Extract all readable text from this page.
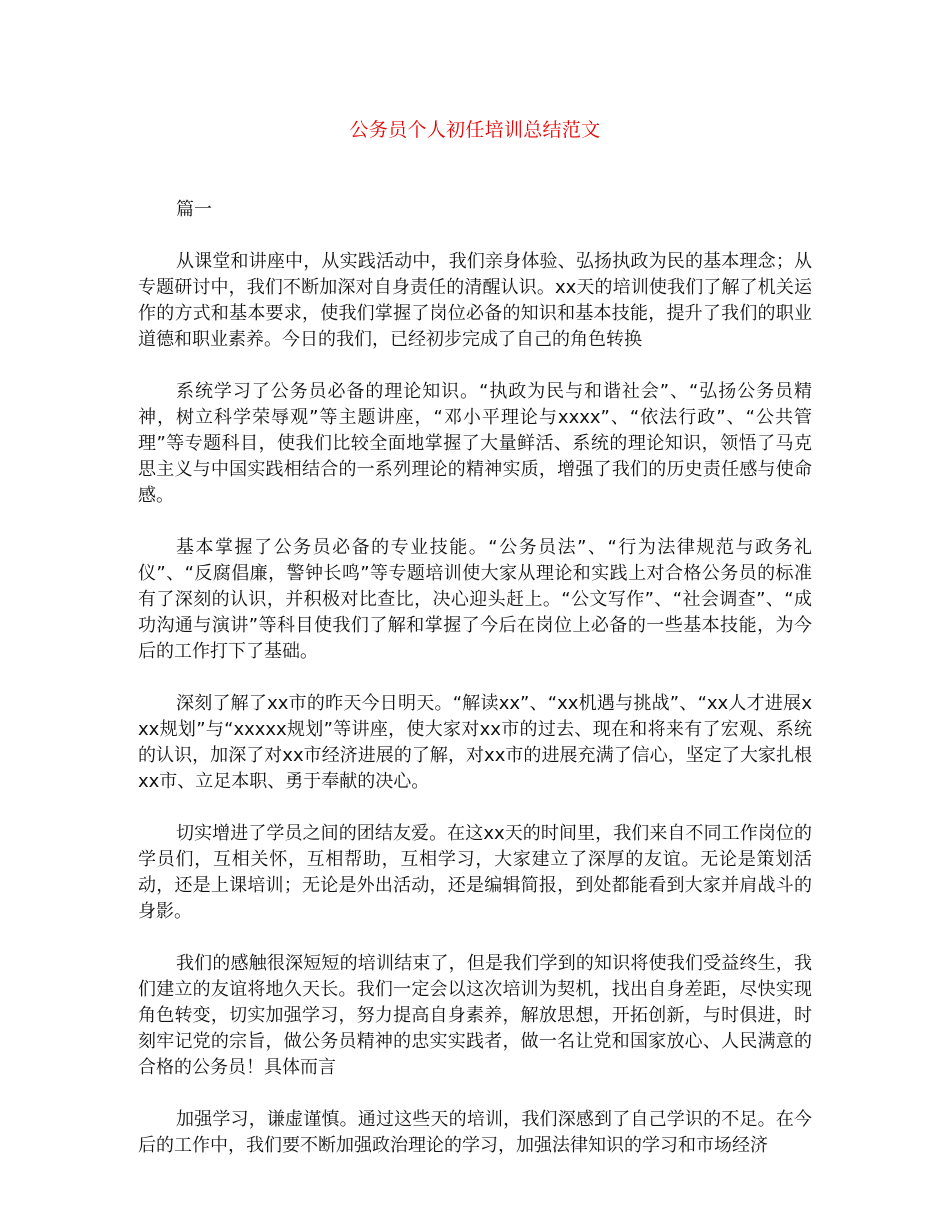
公务员个人初任培训总结范文

篇一

从课堂和讲座中，从实践活动中，我们亲身体验、弘扬执政为民的基本理念；从专题研讨中，我们不断加深对自身责任的清醒认识。xx天的培训使我们了解了机关运作的方式和基本要求，使我们掌握了岗位必备的知识和基本技能，提升了我们的职业道德和职业素养。今日的我们，已经初步完成了自己的角色转换

系统学习了公务员必备的理论知识。“执政为民与和谐社会”、“弘扬公务员精神，树立科学荣辱观”等主题讲座，“邓小平理论与xxxx”、“依法行政”、“公共管理”等专题科目，使我们比较全面地掌握了大量鲜活、系统的理论知识，领悟了马克思主义与中国实践相结合的一系列理论的精神实质，增强了我们的历史责任感与使命感。

基本掌握了公务员必备的专业技能。“公务员法”、“行为法律规范与政务礼仪”、“反腐倡廉，警钟长鸣”等专题培训使大家从理论和实践上对合格公务员的标准有了深刻的认识，并积极对比查比，决心迎头赶上。“公文写作”、“社会调查”、“成功沟通与演讲”等科目使我们了解和掌握了今后在岗位上必备的一些基本技能，为今后的工作打下了基础。

深刻了解了xx市的昨天今日明天。“解读xx”、“xx机遇与挑战”、“xx人才进展xxx规划”与“xxxxx规划”等讲座，使大家对xx市的过去、现在和将来有了宏观、系统的认识，加深了对xx市经济进展的了解，对xx市的进展充满了信心，坚定了大家扎根xx市、立足本职、勇于奉献的决心。

切实增进了学员之间的团结友爱。在这xx天的时间里，我们来自不同工作岗位的学员们，互相关怀，互相帮助，互相学习，大家建立了深厚的友谊。无论是策划活动，还是上课培训；无论是外出活动，还是编辑简报，到处都能看到大家并肩战斗的身影。

我们的感触很深短短的培训结束了，但是我们学到的知识将使我们受益终生，我们建立的友谊将地久天长。我们一定会以这次培训为契机，找出自身差距，尽快实现角色转变，切实加强学习，努力提高自身素养，解放思想，开拓创新，与时俱进，时刻牢记党的宗旨，做公务员精神的忠实实践者，做一名让党和国家放心、人民满意的合格的公务员！具体而言

加强学习，谦虚谨慎。通过这些天的培训，我们深感到了自己学识的不足。在今后的工作中，我们要不断加强政治理论的学习，加强法律知识的学习和市场经济
